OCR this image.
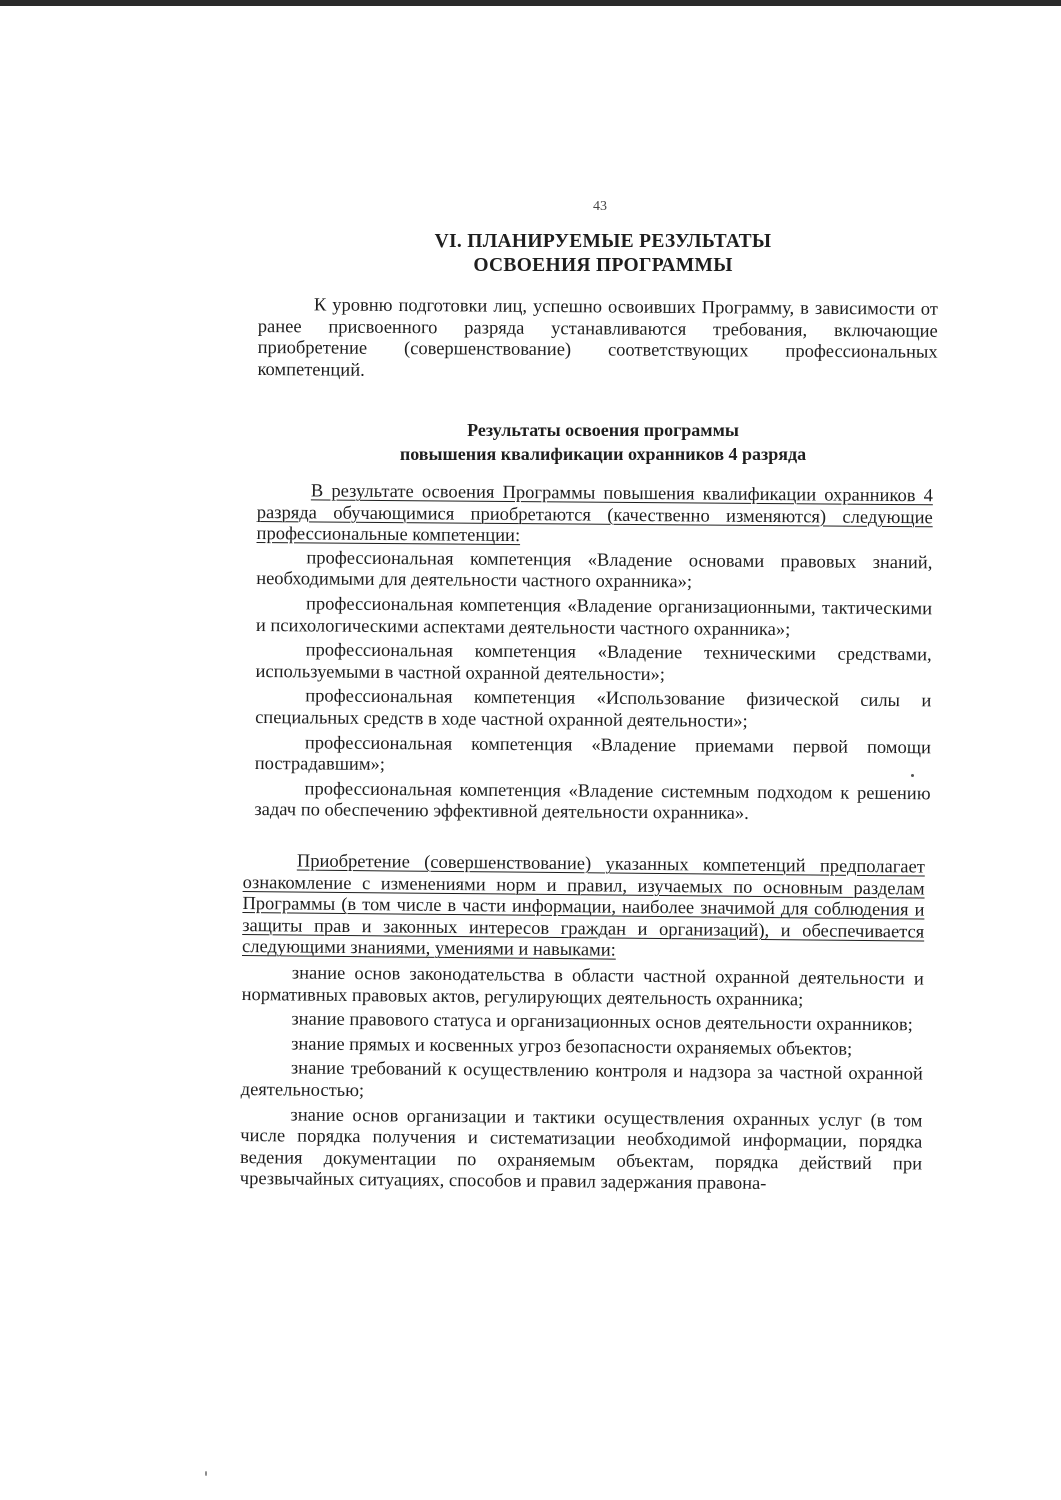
43
VI. ПЛАНИРУЕМЫЕ РЕЗУЛЬТАТЫ
ОСВОЕНИЯ ПРОГРАММЫ

К уровню подготовки лиц, успешно освоивших Программу, в зависимости от ранее присвоенного разряда устанавливаются требования, включающие приобретение (совершенствование) соответствующих профессиональных компетенций.

Результаты освоения программы
повышения квалификации охранников 4 разряда

В результате освоения Программы повышения квалификации охранников 4 разряда обучающимися приобретаются (качественно изменяются) следующие профессиональные компетенции:

профессиональная компетенция «Владение основами правовых знаний, необходимыми для деятельности частного охранника»;

профессиональная компетенция «Владение организационными, тактическими и психологическими аспектами деятельности частного охранника»;

профессиональная компетенция «Владение техническими средствами, используемыми в частной охранной деятельности»;

профессиональная компетенция «Использование физической силы и специальных средств в ходе частной охранной деятельности»;

профессиональная компетенция «Владение приемами первой помощи пострадавшим»;

профессиональная компетенция «Владение системным подходом к решению задач по обеспечению эффективной деятельности охранника».

Приобретение (совершенствование) указанных компетенций предполагает ознакомление с изменениями норм и правил, изучаемых по основным разделам Программы (в том числе в части информации, наиболее значимой для соблюдения и защиты прав и законных интересов граждан и организаций), и обеспечивается следующими знаниями, умениями и навыками:

знание основ законодательства в области частной охранной деятельности и нормативных правовых актов, регулирующих деятельность охранника;

знание правового статуса и организационных основ деятельности охранников;

знание прямых и косвенных угроз безопасности охраняемых объектов;

знание требований к осуществлению контроля и надзора за частной охранной деятельностью;

знание основ организации и тактики осуществления охранных услуг (в том числе порядка получения и систематизации необходимой информации, порядка ведения документации по охраняемым объектам, порядка действий при чрезвычайных ситуациях, способов и правил задержания правона-
